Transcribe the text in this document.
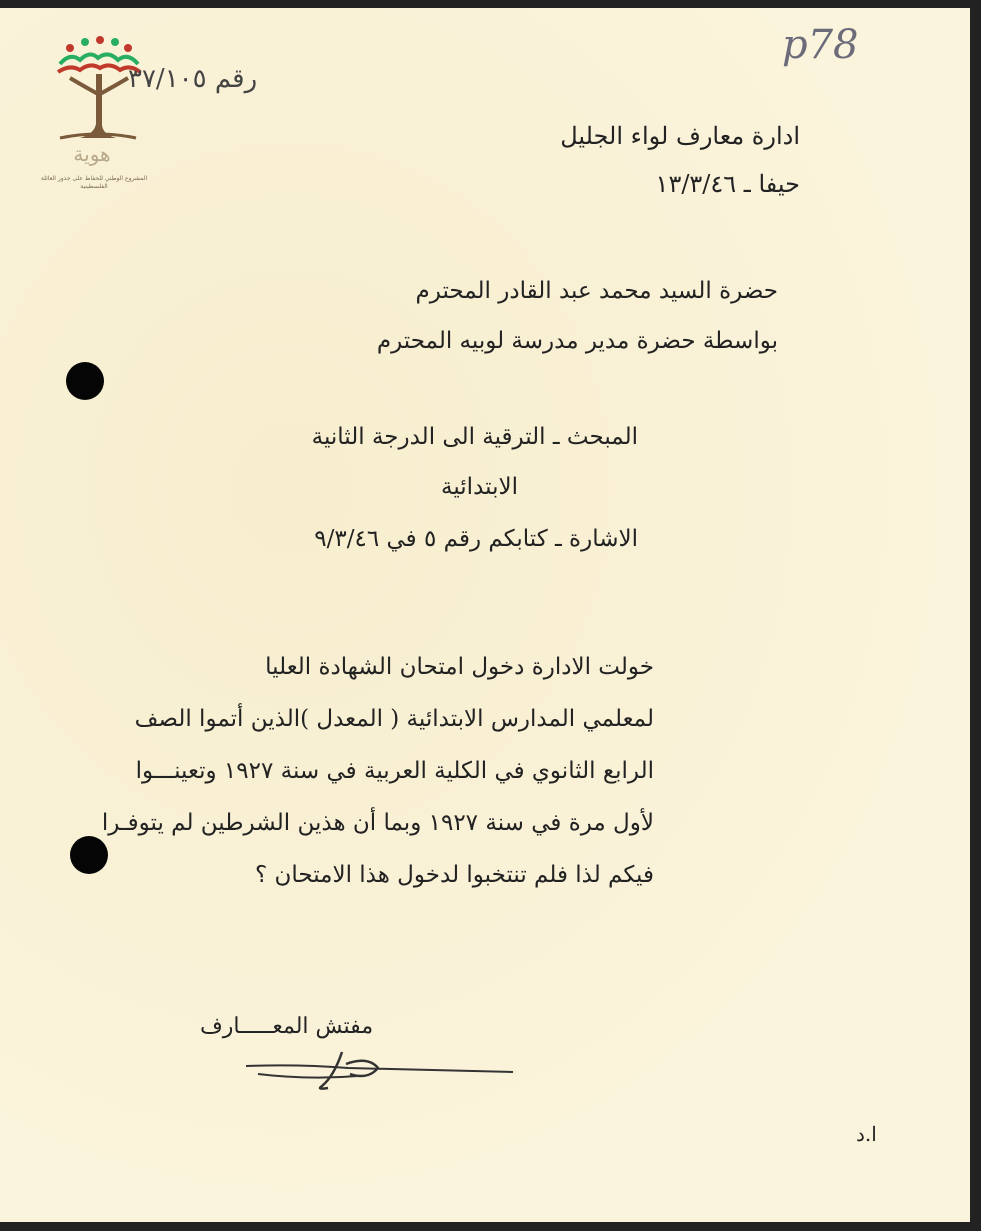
هوية
المشروع الوطني للحفاظ على جذور العائلة الفلسطينية
رقم ٣٧/١٠٥
p78
ادارة معارف لواء الجليل
حيفا ـ ١٣/٣/٤٦
حضرة السيد محمد عبد القادر المحترم
بواسطة حضرة مدير مدرسة لوبيه المحترم
المبحث ـ الترقية الى الدرجة الثانية
الابتدائية
الاشارة ـ كتابكم رقم ٥ في ٩/٣/٤٦
خولت الادارة دخول امتحان الشهادة العليا
لمعلمي المدارس الابتدائية ( المعدل )الذين أتموا الصف
الرابع الثانوي في الكلية العربية في سنة ١٩٢٧ وتعينـــوا
لأول مرة في سنة ١٩٢٧ وبما أن هذين الشرطين لم يتوفـرا
فيكم لذا فلم تنتخبوا لدخول هذا الامتحان ؟
مفتش المعـــــارف
ا.د
